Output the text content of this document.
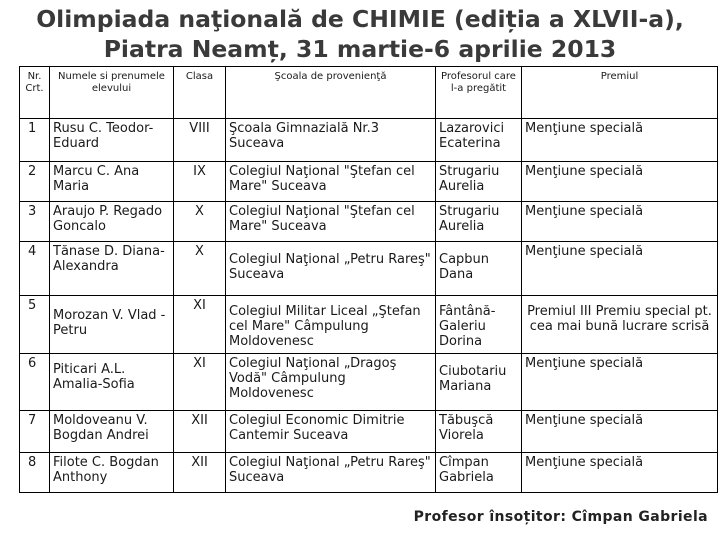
Olimpiada naţională de CHIMIE (ediția a XLVII-a),
Piatra Neamț, 31 martie-6 aprilie 2013
Nr. Crt.	Numele si prenumele elevului	Clasa	Şcoala de provenienţă	Profesorul care l-a pregătit	Premiul
1	Rusu C. Teodor-Eduard	VIII	Şcoala Gimnazială Nr.3 Suceava	Lazarovici Ecaterina	Menţiune specială
2	Marcu C. Ana Maria	IX	Colegiul Naţional "Ştefan cel Mare" Suceava	Strugariu Aurelia	Menţiune specială
3	Araujo P. Regado Goncalo	X	Colegiul Naţional "Ştefan cel Mare" Suceava	Strugariu Aurelia	Menţiune specială
4	Tănase D. Diana-Alexandra	X	Colegiul Naţional „Petru Rareş" Suceava	Capbun Dana	Menţiune specială
5	Morozan V. Vlad -Petru	XI	Colegiul Militar Liceal „Ştefan cel Mare" Câmpulung Moldovenesc	Fântână-Galeriu Dorina	Premiul III Premiu special pt. cea mai bună lucrare scrisă
6	Piticari A.L. Amalia-Sofia	XI	Colegiul Naţional „Dragoş Vodă" Câmpulung Moldovenesc	Ciubotariu Mariana	Menţiune specială
7	Moldoveanu V. Bogdan Andrei	XII	Colegiul Economic Dimitrie Cantemir Suceava	Tăbuşcă Viorela	Menţiune specială
8	Filote C. Bogdan Anthony	XII	Colegiul Naţional „Petru Rareş" Suceava	Cîmpan Gabriela	Menţiune specială
Profesor însoțitor: Cîmpan Gabriela
